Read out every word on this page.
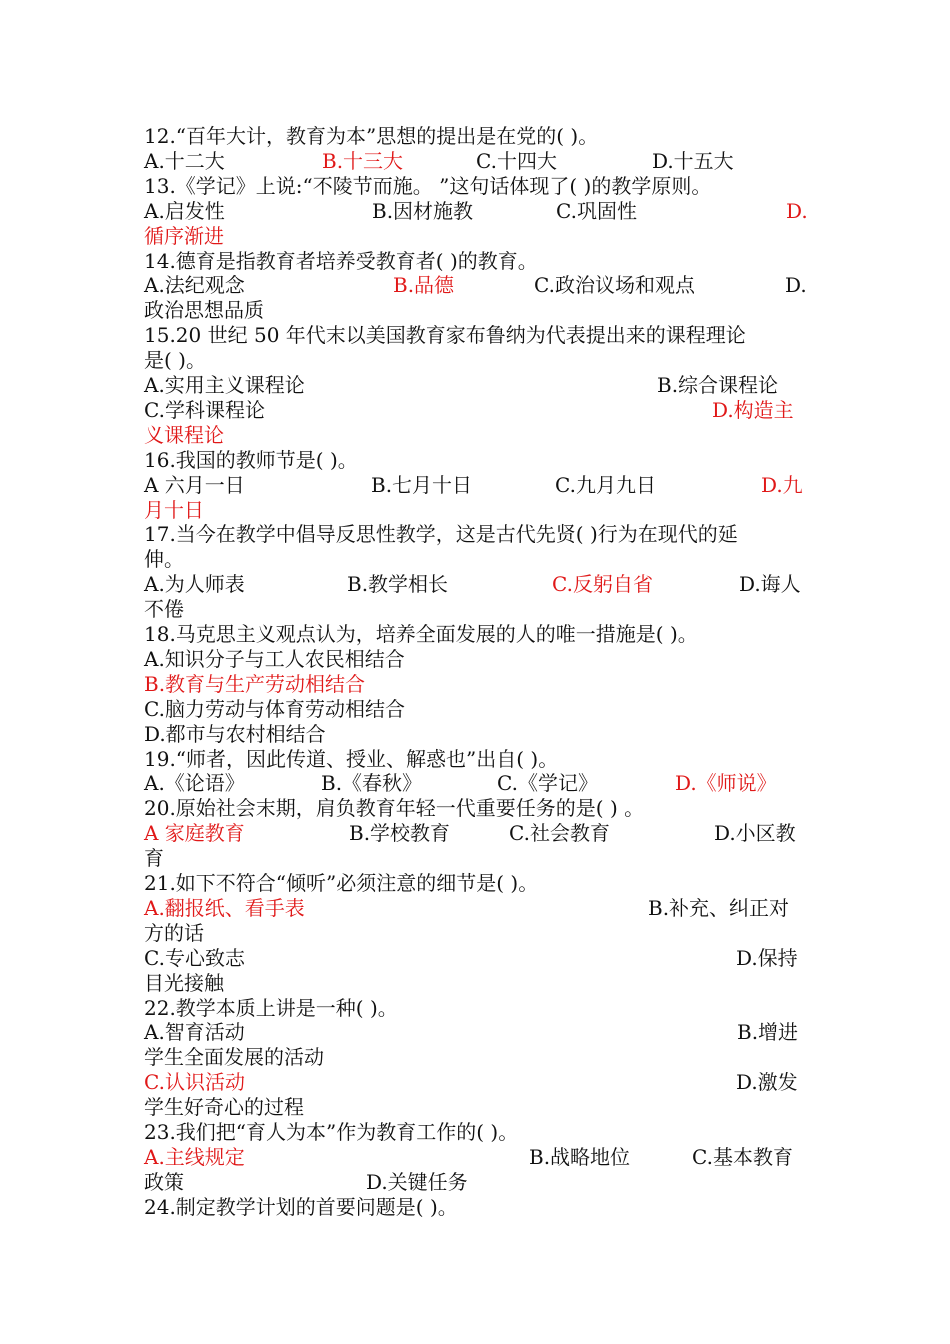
12.“百年大计，教育为本”思想的提出是在党的( )。
A.十二大	B.十三大	C.十四大	D.十五大
13.《学记》上说:“不陵节而施。 ”这句话体现了( )的教学原则。
A.启发性	B.因材施教	C.巩固性	D.
循序渐进
14.德育是指教育者培养受教育者( )的教育。
A.法纪观念	B.品德	C.政治议场和观点	D.
政治思想品质
15.20 世纪 50 年代末以美国教育家布鲁纳为代表提出来的课程理论
是( )。
A.实用主义课程论	B.综合课程论
C.学科课程论	D.构造主
义课程论
16.我国的教师节是( )。
A 六月一日	B.七月十日	C.九月九日	D.九
月十日
17.当今在教学中倡导反思性教学，这是古代先贤( )行为在现代的延
伸。
A.为人师表	B.教学相长	C.反躬自省	D.诲人
不倦
18.马克思主义观点认为，培养全面发展的人的唯一措施是( )。
A.知识分子与工人农民相结合
B.教育与生产劳动相结合
C.脑力劳动与体育劳动相结合
D.都市与农村相结合
19.“师者，因此传道、授业、解惑也”出自( )。
A.《论语》	B.《春秋》	C.《学记》	D.《师说》
20.原始社会末期，肩负教育年轻一代重要任务的是( ) 。
A 家庭教育	B.学校教育	C.社会教育	D.小区教
育
21.如下不符合“倾听”必须注意的细节是( )。
A.翻报纸、看手表	B.补充、纠正对
方的话
C.专心致志	D.保持
目光接触
22.教学本质上讲是一种( )。
A.智育活动	B.增进
学生全面发展的活动
C.认识活动	D.激发
学生好奇心的过程
23.我们把“育人为本”作为教育工作的( )。
A.主线规定	B.战略地位	C.基本教育
政策	D.关键任务
24.制定教学计划的首要问题是( )。
